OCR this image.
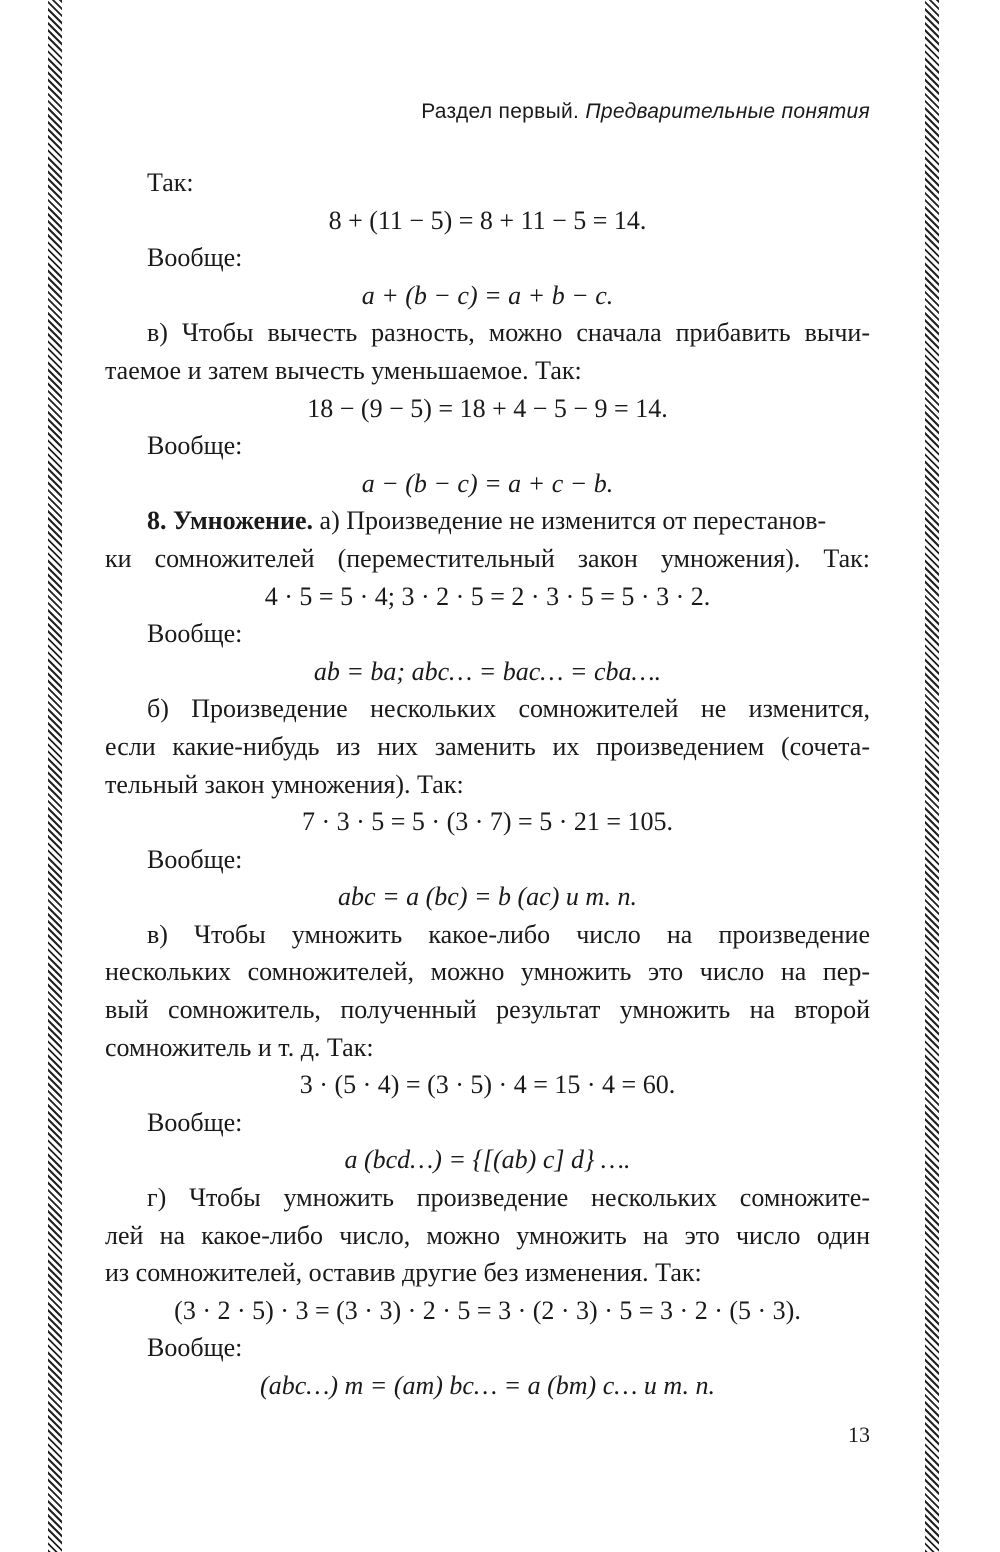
Раздел первый. Предварительные понятия
Так:
8 + (11 − 5) = 8 + 11 − 5 = 14.
Вообще:
a + (b − c) = a + b − c.
в) Чтобы вычесть разность, можно сначала прибавить вычи-
таемое и затем вычесть уменьшаемое. Так:
18 − (9 − 5) = 18 + 4 − 5 − 9 = 14.
Вообще:
a − (b − c) = a + c − b.
8. Умножение. а) Произведение не изменится от перестанов-
ки сомножителей (переместительный закон умножения). Так:
4 · 5 = 5 · 4; 3 · 2 · 5 = 2 · 3 · 5 = 5 · 3 · 2.
Вообще:
ab = ba; abc… = bac… = cba….
б) Произведение нескольких сомножителей не изменится,
если какие-нибудь из них заменить их произведением (сочета-
тельный закон умножения). Так:
7 · 3 · 5 = 5 · (3 · 7) = 5 · 21 = 105.
Вообще:
abc = a (bc) = b (ac) и т. п.
в) Чтобы умножить какое-либо число на произведение
нескольких сомножителей, можно умножить это число на пер-
вый сомножитель, полученный результат умножить на второй
сомножитель и т. д. Так:
3 · (5 · 4) = (3 · 5) · 4 = 15 · 4 = 60.
Вообще:
a (bcd…) = {[(ab) c] d} ….
г) Чтобы умножить произведение нескольких сомножите-
лей на какое-либо число, можно умножить на это число один
из сомножителей, оставив другие без изменения. Так:
(3 · 2 · 5) · 3 = (3 · 3) · 2 · 5 = 3 · (2 · 3) · 5 = 3 · 2 · (5 · 3).
Вообще:
(abc…) m = (am) bc… = a (bm) c… и т. п.
13
